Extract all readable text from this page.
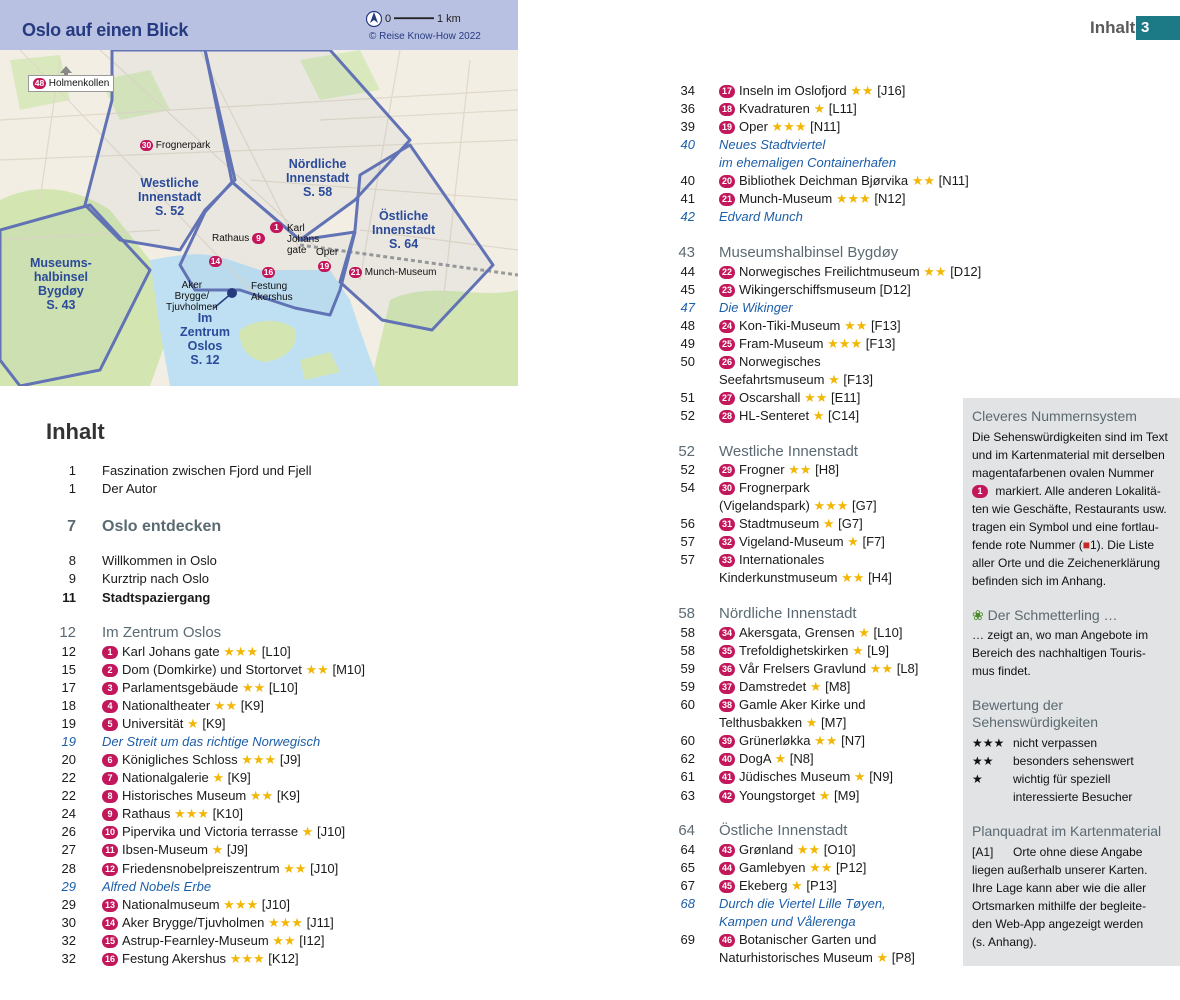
Oslo auf einen Blick
0 ━━━━━━ 1 km
© Reise Know-How 2022
48 Holmenkollen
30 Frognerpark
Rathaus 9
1 Karl
Johans
gate Oper
19
21 Munch-Museum
14
Aker
Brygge/
Tjuvholmen
16
Festung
Akershus
Westliche
Innenstadt
S. 52
Nördliche
Innenstadt
S. 58
Östliche
Innenstadt
S. 64
Museums-
halbinsel
Bygdøy
S. 43
Im
Zentrum
Oslos
S. 12
Inhalt 3
Inhalt
1 Faszination zwischen Fjord und Fjell
1 Der Autor
7 Oslo entdecken
8 Willkommen in Oslo
9 Kurztrip nach Oslo
11 Stadtspaziergang
12 Im Zentrum Oslos
12	1 Karl Johans gate ★★★ [L10]
15	2 Dom (Domkirke) und Stortorvet ★★ [M10]
17	3 Parlamentsgebäude ★★ [L10]
18	4 Nationaltheater ★★ [K9]
19	5 Universität ★ [K9]
19 Der Streit um das richtige Norwegisch
20	6 Königliches Schloss ★★★ [J9]
22	7 Nationalgalerie ★ [K9]
22	8 Historisches Museum ★★ [K9]
24	9 Rathaus ★★★ [K10]
26	10 Pipervika und Victoria terrasse ★ [J10]
27	11 Ibsen-Museum ★ [J9]
28	12 Friedensnobelpreiszentrum ★★ [J10]
29 Alfred Nobels Erbe
29	13 Nationalmuseum ★★★ [J10]
30	14 Aker Brygge/Tjuvholmen ★★★ [J11]
32	15 Astrup-Fearnley-Museum ★★ [I12]
32	16 Festung Akershus ★★★ [K12]
34	17 Inseln im Oslofjord ★★ [J16]
36	18 Kvadraturen ★ [L11]
39	19 Oper ★★★ [N11]
40 Neues Stadtviertel
im ehemaligen Containerhafen
40	20 Bibliothek Deichman Bjørvika ★★ [N11]
41	21 Munch-Museum ★★★ [N12]
42 Edvard Munch
43 Museumshalbinsel Bygdøy
44	22 Norwegisches Freilichtmuseum ★★ [D12]
45	23 Wikingerschiffsmuseum [D12]
47 Die Wikinger
48	24 Kon-Tiki-Museum ★★ [F13]
49	25 Fram-Museum ★★★ [F13]
50	26 Norwegisches
Seefahrtsmuseum ★ [F13]
51	27 Oscarshall ★★ [E11]
52	28 HL-Senteret ★ [C14]
52 Westliche Innenstadt
52	29 Frogner ★★ [H8]
54	30 Frognerpark
(Vigelandspark) ★★★ [G7]
56	31 Stadtmuseum ★ [G7]
57	32 Vigeland-Museum ★ [F7]
57	33 Internationales
Kinderkunstmuseum ★★ [H4]
58 Nördliche Innenstadt
58	34 Akersgata, Grensen ★ [L10]
58	35 Trefoldighetskirken ★ [L9]
59	36 Vår Frelsers Gravlund ★★ [L8]
59	37 Damstredet ★ [M8]
60	38 Gamle Aker Kirke und
Telthusbakken ★ [M7]
60	39 Grünerløkka ★★ [N7]
62	40 DogA ★ [N8]
61	41 Jüdisches Museum ★ [N9]
63	42 Youngstorget ★ [M9]
64 Östliche Innenstadt
64	43 Grønland ★★ [O10]
65	44 Gamlebyen ★★ [P12]
67	45 Ekeberg ★ [P13]
68 Durch die Viertel Lille Tøyen,
Kampen und Vålerenga
69	46 Botanischer Garten und
Naturhistorisches Museum ★ [P8]
Cleveres Nummernsystem
Die Sehenswürdigkeiten sind im Text
und im Kartenmaterial mit derselben
magentafarbenen ovalen Nummer
1 markiert. Alle anderen Lokalitä-
ten wie Geschäfte, Restaurants usw.
tragen ein Symbol und eine fortlau-
fende rote Nummer (■1). Die Liste
aller Orte und die Zeichenerklärung
befinden sich im Anhang.
❀ Der Schmetterling …
… zeigt an, wo man Angebote im
Bereich des nachhaltigen Touris-
mus findet.
Bewertung der
Sehenswürdigkeiten
★★★ nicht verpassen
★★ besonders sehenswert
★	wichtig für speziell
interessierte Besucher
Planquadrat im Kartenmaterial
[A1] Orte ohne diese Angabe
liegen außerhalb unserer Karten.
Ihre Lage kann aber wie die aller
Ortsmarken mithilfe der begleite-
den Web-App angezeigt werden
(s. Anhang).
